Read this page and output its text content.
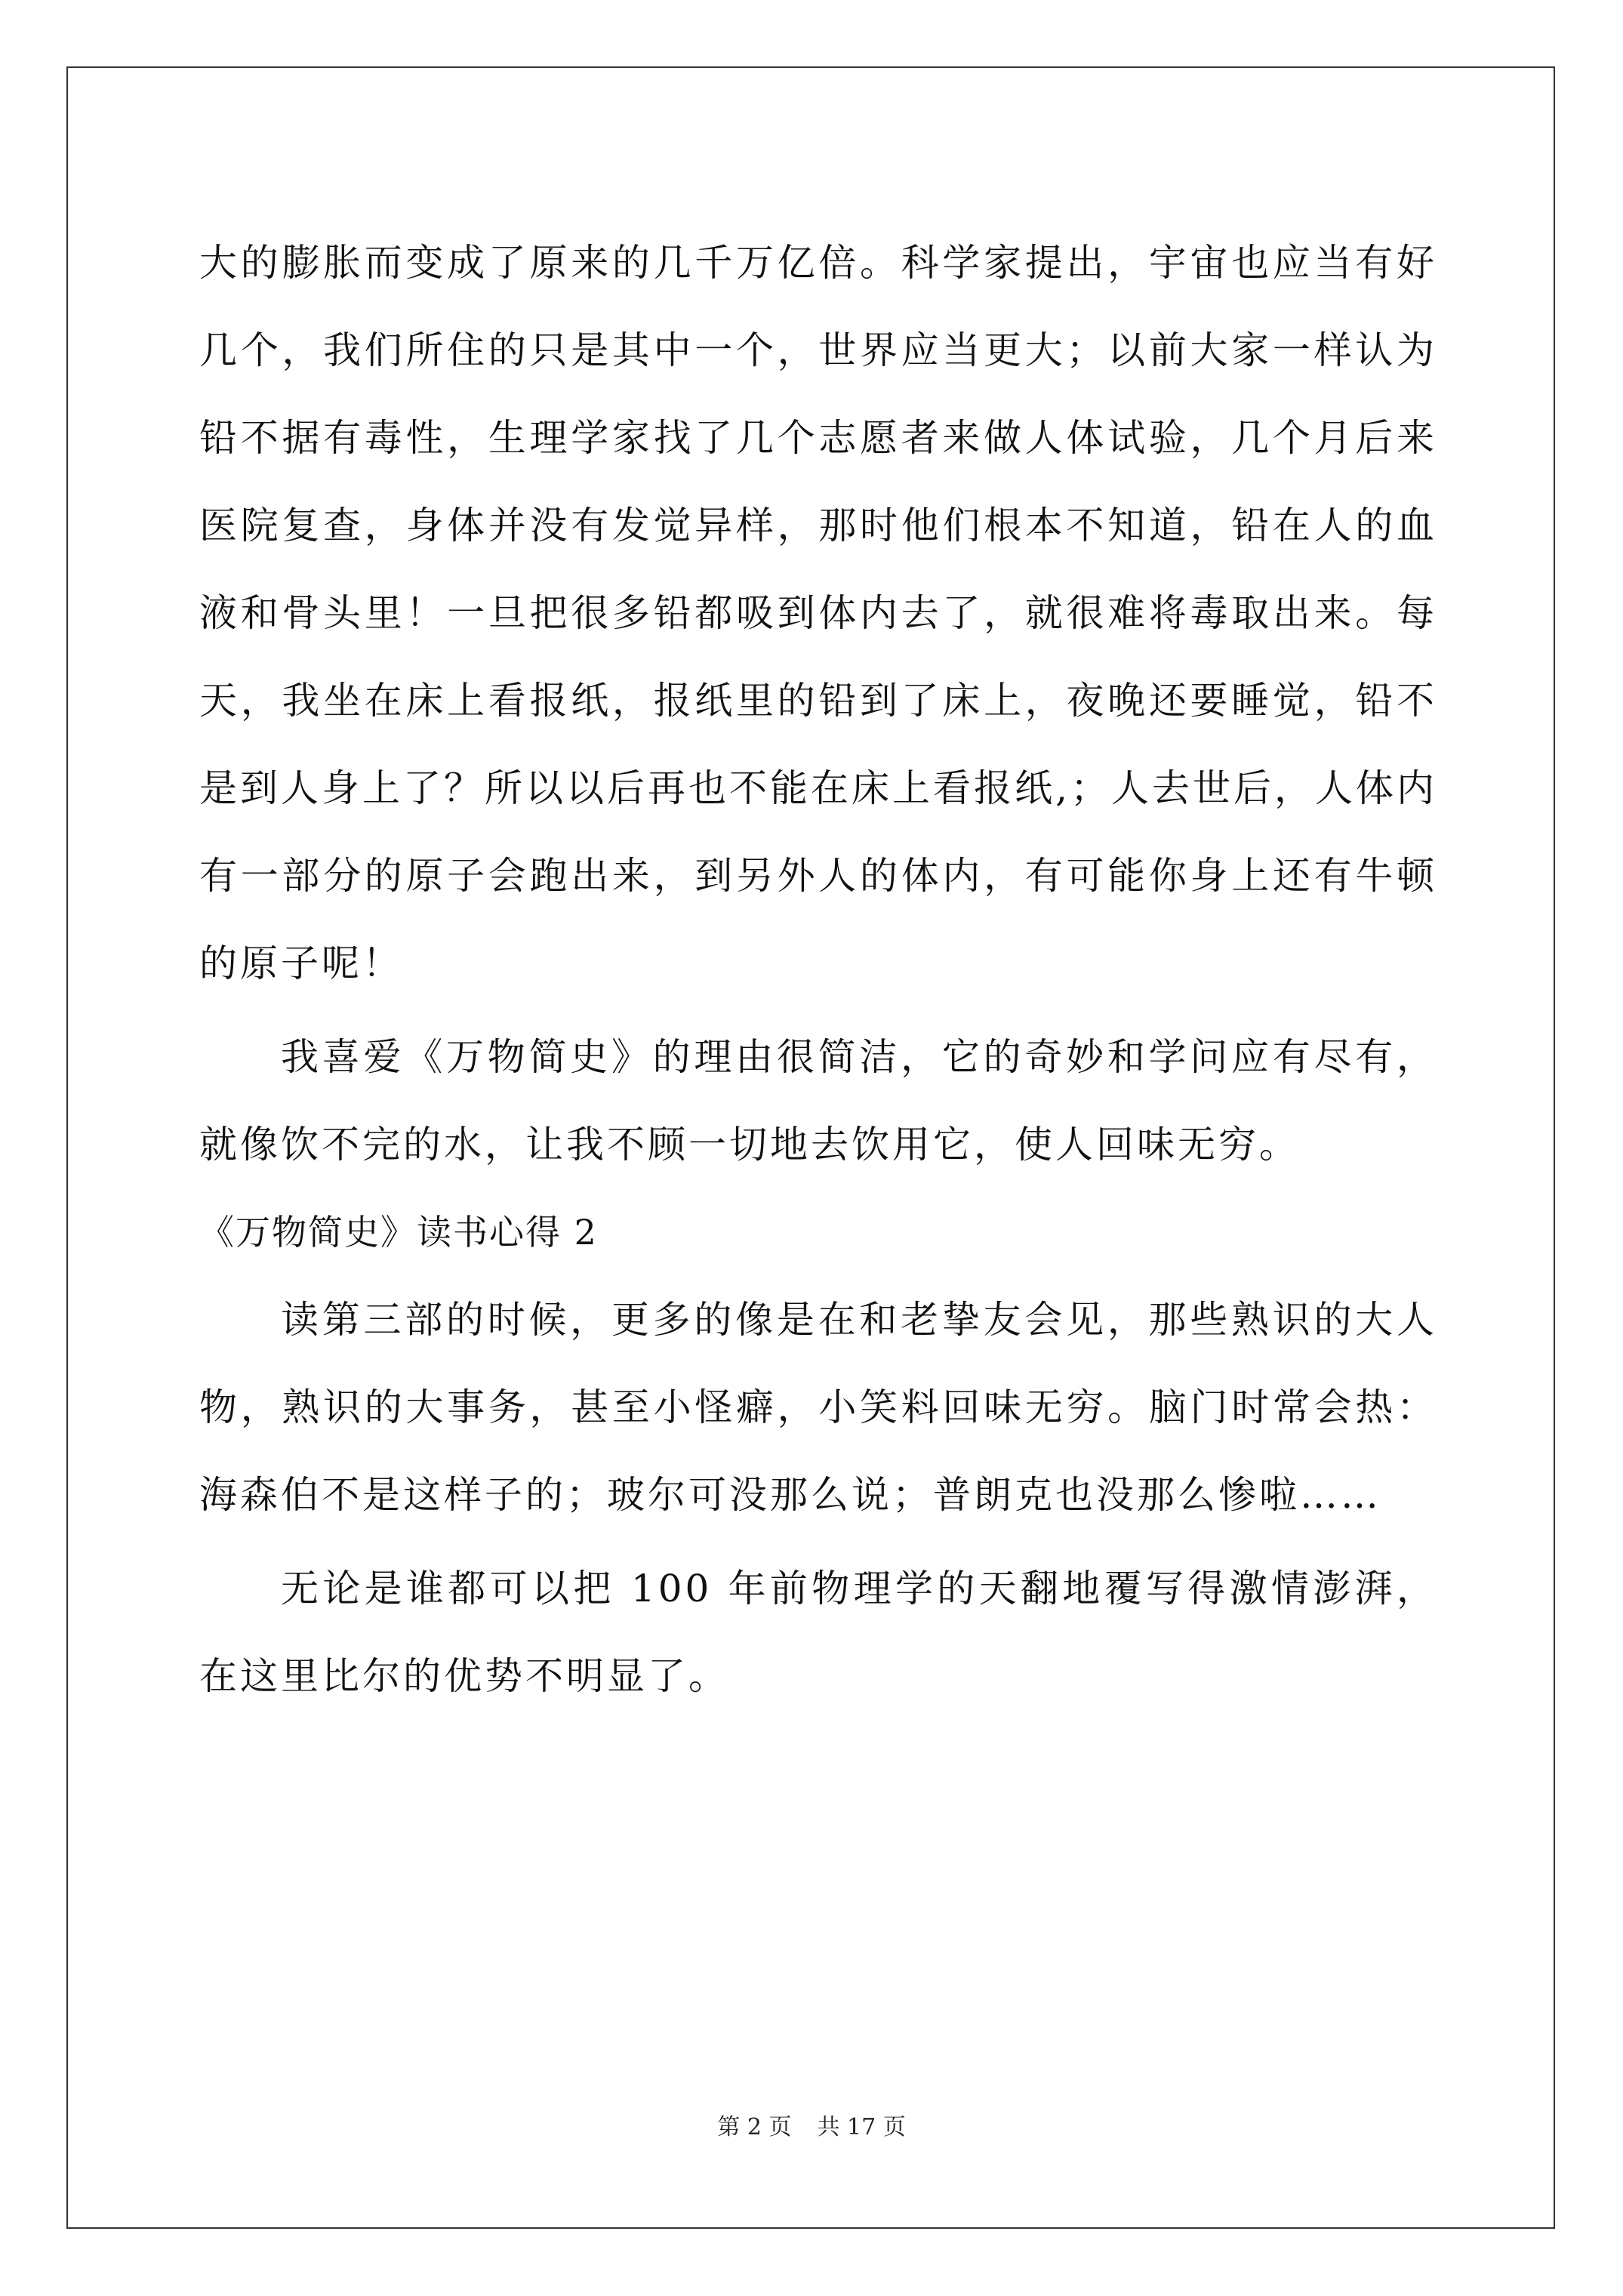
大的膨胀而变成了原来的几千万亿倍。科学家提出，宇宙也应当有好几个，我们所住的只是其中一个，世界应当更大；以前大家一样认为铅不据有毒性，生理学家找了几个志愿者来做人体试验，几个月后来医院复查，身体并没有发觉异样，那时他们根本不知道，铅在人的血液和骨头里！一旦把很多铅都吸到体内去了，就很难将毒取出来。每天，我坐在床上看报纸，报纸里的铅到了床上，夜晚还要睡觉，铅不是到人身上了？所以以后再也不能在床上看报纸,；人去世后，人体内有一部分的原子会跑出来，到另外人的体内，有可能你身上还有牛顿的原子呢！

我喜爱《万物简史》的理由很简洁，它的奇妙和学问应有尽有，就像饮不完的水，让我不顾一切地去饮用它，使人回味无穷。

《万物简史》读书心得 2

读第三部的时候，更多的像是在和老挚友会见，那些熟识的大人物，熟识的大事务，甚至小怪癖，小笑料回味无穷。脑门时常会热：海森伯不是这样子的；玻尔可没那么说；普朗克也没那么惨啦……

无论是谁都可以把 100 年前物理学的天翻地覆写得激情澎湃，在这里比尔的优势不明显了。

第 2 页 共 17 页
